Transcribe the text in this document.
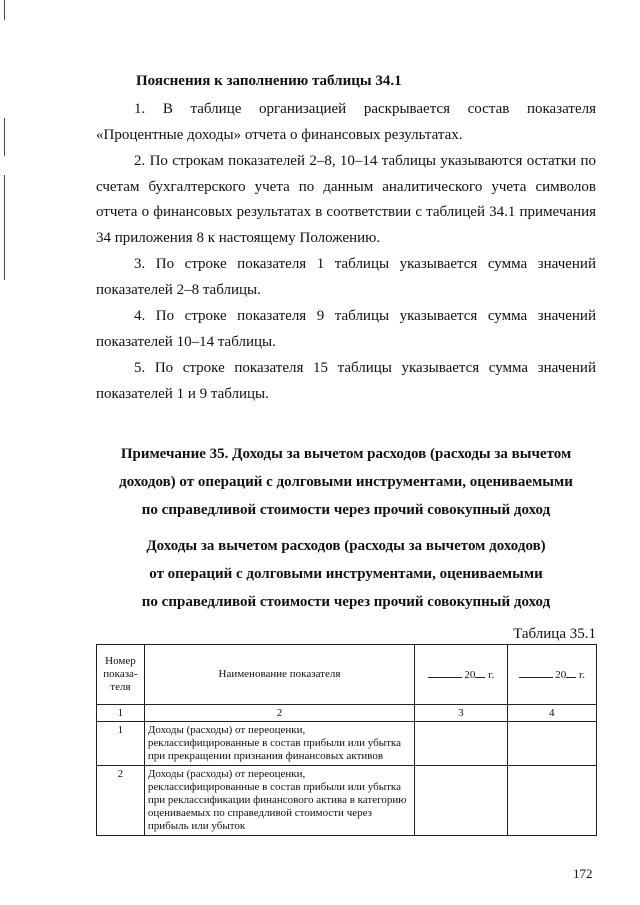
Пояснения к заполнению таблицы 34.1

1. В таблице организацией раскрывается состав показателя «Процентные доходы» отчета о финансовых результатах.

2. По строкам показателей 2–8, 10–14 таблицы указываются остатки по счетам бухгалтерского учета по данным аналитического учета символов отчета о финансовых результатах в соответствии с таблицей 34.1 примечания 34 приложения 8 к настоящему Положению.

3. По строке показателя 1 таблицы указывается сумма значений показателей 2–8 таблицы.

4. По строке показателя 9 таблицы указывается сумма значений показателей 10–14 таблицы.

5. По строке показателя 15 таблицы указывается сумма значений показателей 1 и 9 таблицы.

Примечание 35. Доходы за вычетом расходов (расходы за вычетом
доходов) от операций с долговыми инструментами, оцениваемыми
по справедливой стоимости через прочий совокупный доход
Доходы за вычетом расходов (расходы за вычетом доходов)
от операций с долговыми инструментами, оцениваемыми
по справедливой стоимости через прочий совокупный доход
Таблица 35.1
Номер показа-теля	Наименование показателя	20 г.	20 г.
1	2	3	4
1	Доходы (расходы) от переоценки, реклассифицированные в состав прибыли или убытка при прекращении признания финансовых активов		
2	Доходы (расходы) от переоценки, реклассифицированные в состав прибыли или убытка при реклассификации финансового актива в категорию оцениваемых по справедливой стоимости через прибыль или убыток		
172
